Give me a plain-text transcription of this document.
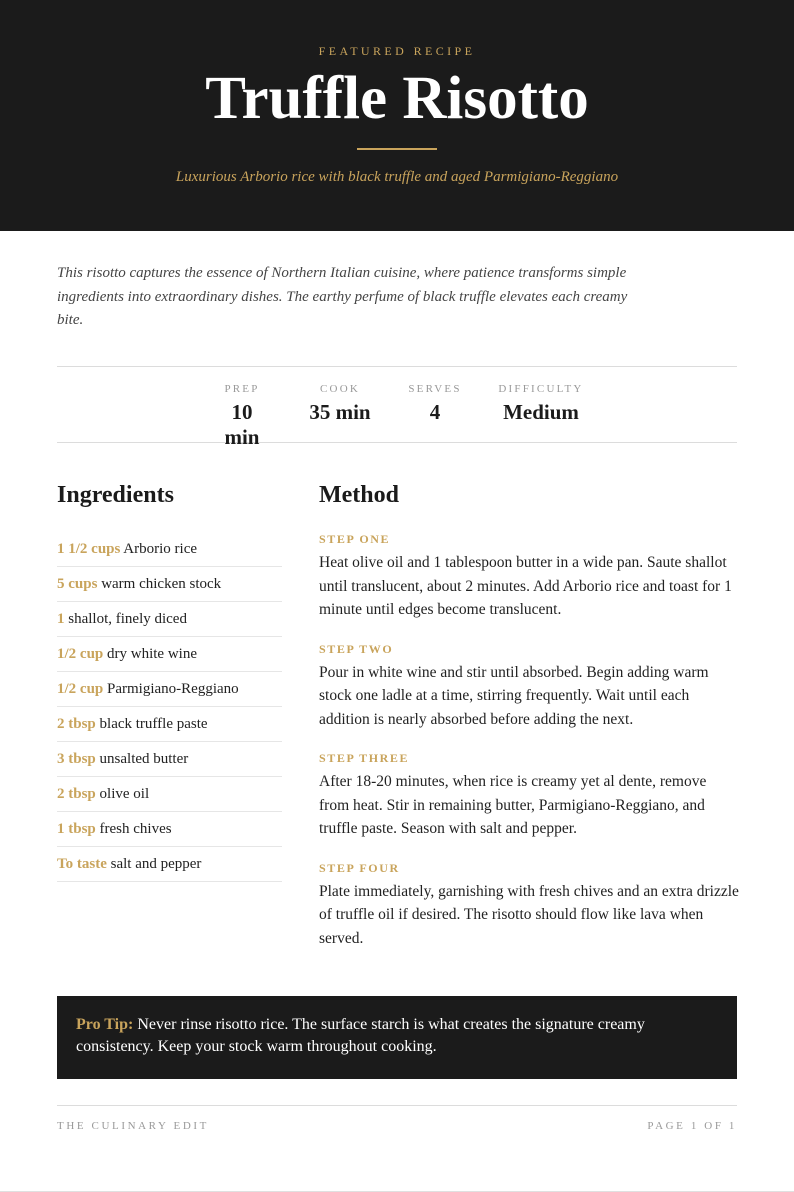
FEATURED RECIPE
Truffle Risotto
Luxurious Arborio rice with black truffle and aged Parmigiano-Reggiano

This risotto captures the essence of Northern Italian cuisine, where patience transforms simple ingredients into extraordinary dishes. The earthy perfume of black truffle elevates each creamy bite.

PREP
10 min
COOK
35 min
SERVES
4
DIFFICULTY
Medium
Ingredients	Method
1 1/2 cups Arborio rice
5 cups warm chicken stock
1 shallot, finely diced
1/2 cup dry white wine
1/2 cup Parmigiano-Reggiano
2 tbsp black truffle paste
3 tbsp unsalted butter
2 tbsp olive oil
1 tbsp fresh chives
To taste salt and pepper
STEP ONE

Heat olive oil and 1 tablespoon butter in a wide pan. Saute shallot until translucent, about 2 minutes. Add Arborio rice and toast for 1 minute until edges become translucent.

STEP TWO

Pour in white wine and stir until absorbed. Begin adding warm stock one ladle at a time, stirring frequently. Wait until each addition is nearly absorbed before adding the next.

STEP THREE

After 18-20 minutes, when rice is creamy yet al dente, remove from heat. Stir in remaining butter, Parmigiano-Reggiano, and truffle paste. Season with salt and pepper.

STEP FOUR

Plate immediately, garnishing with fresh chives and an extra drizzle of truffle oil if desired. The risotto should flow like lava when served.

Pro Tip: Never rinse risotto rice. The surface starch is what creates the signature creamy consistency. Keep your stock warm throughout cooking.
THE CULINARY EDIT	PAGE 1 OF 1
